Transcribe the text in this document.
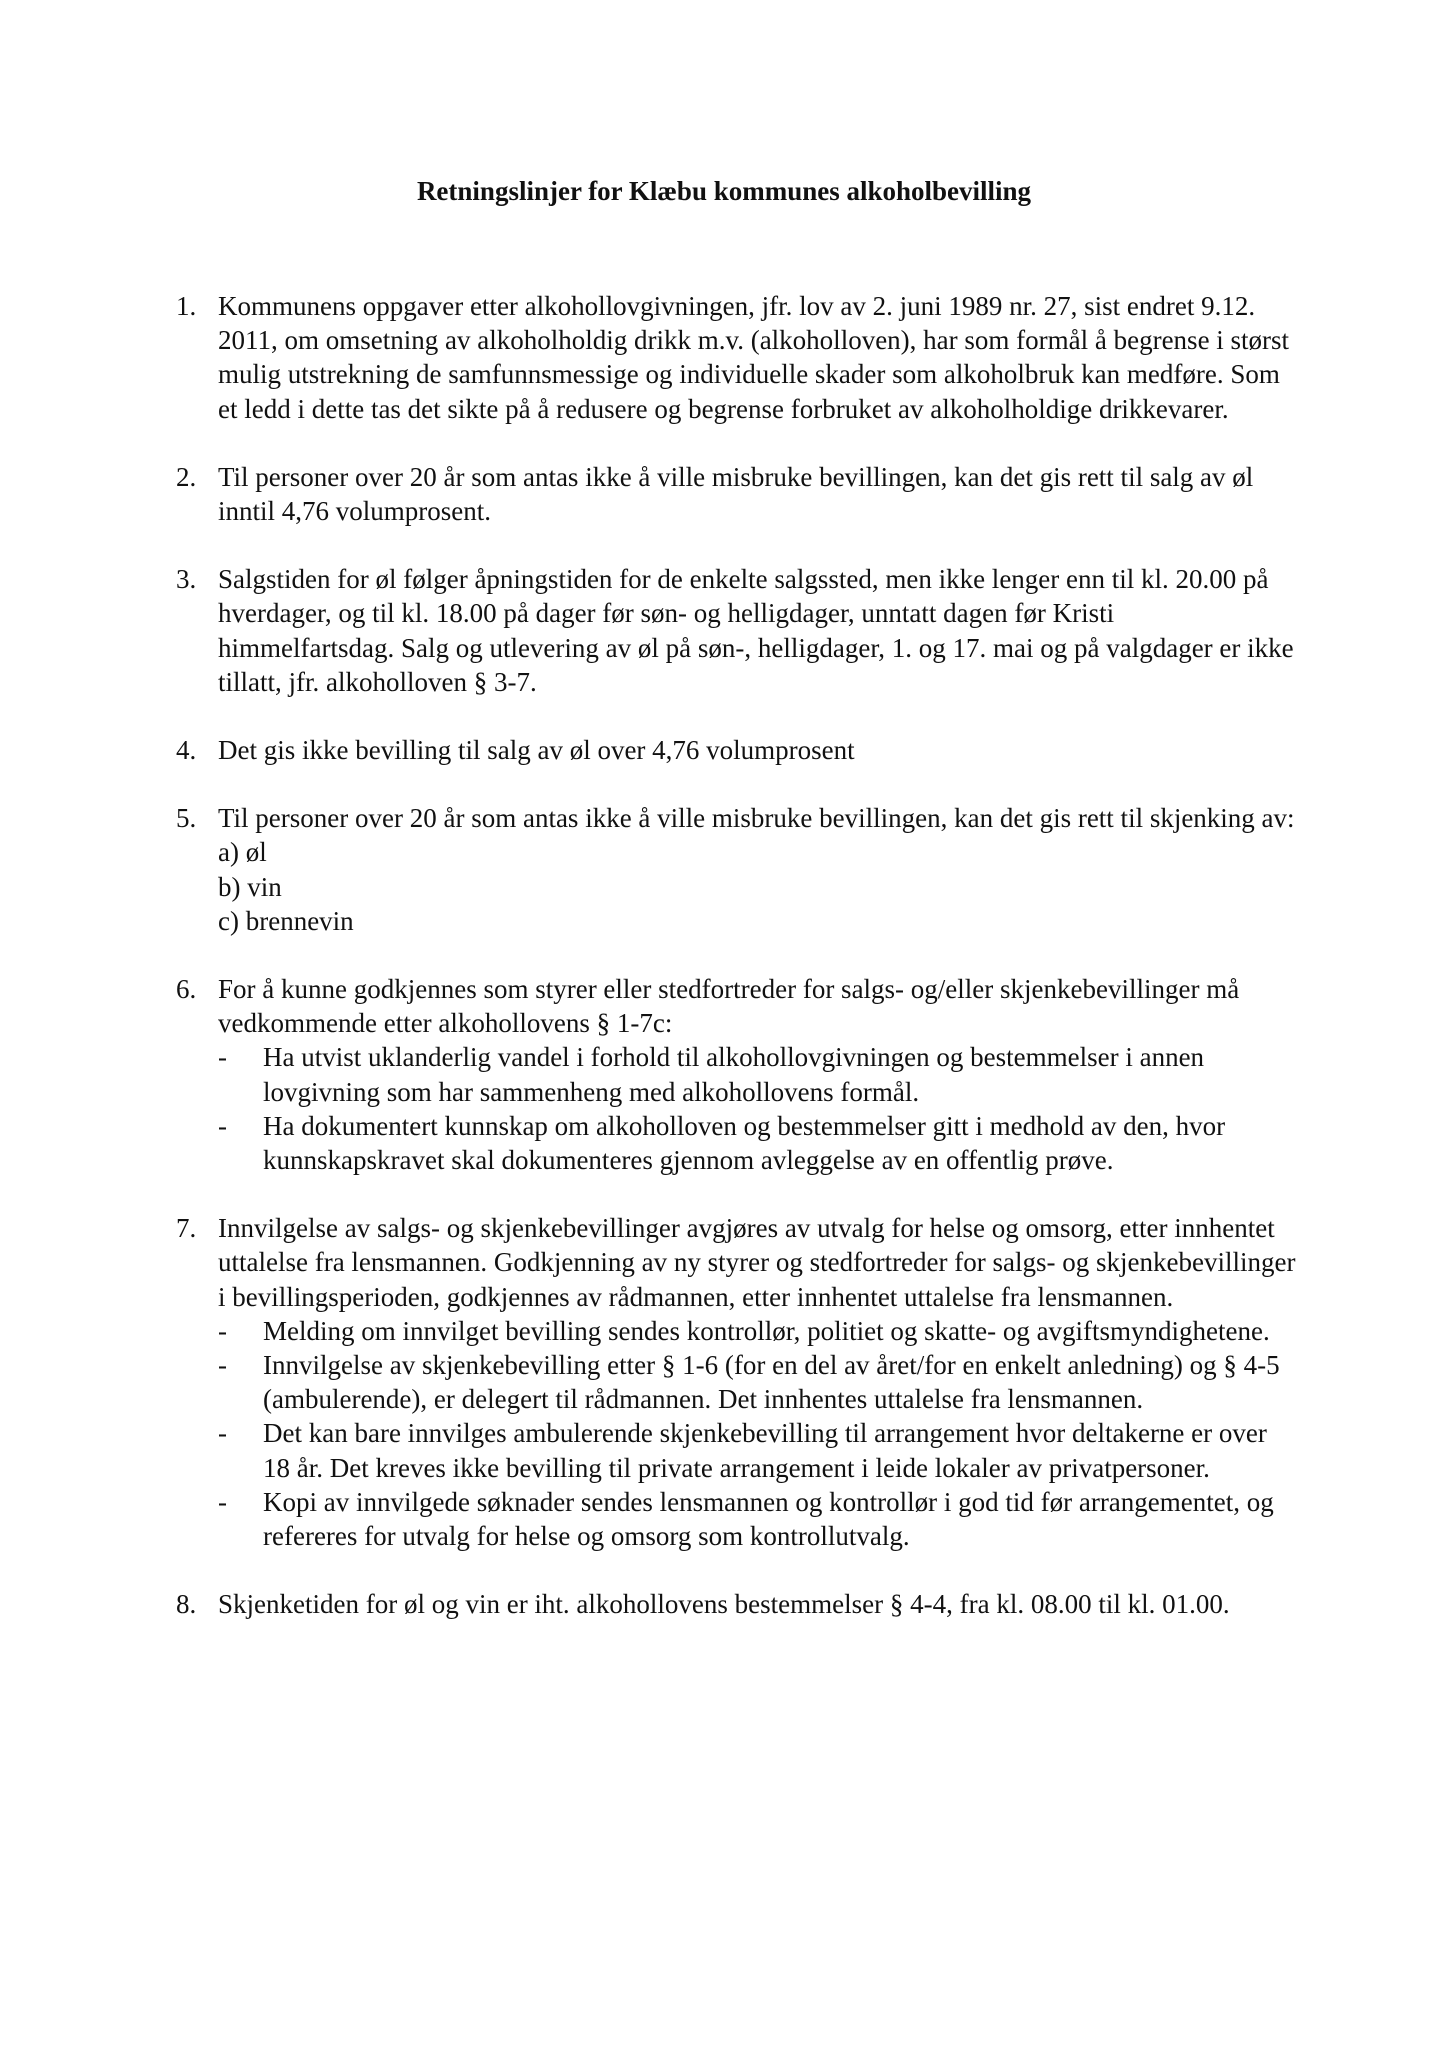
Retningslinjer for Klæbu kommunes alkoholbevilling
1. Kommunens oppgaver etter alkohollovgivningen, jfr. lov av 2. juni 1989 nr. 27, sist endret 9.12. 2011, om omsetning av alkoholholdig drikk m.v. (alkoholloven), har som formål å begrense i størst mulig utstrekning de samfunnsmessige og individuelle skader som alkoholbruk kan medføre. Som et ledd i dette tas det sikte på å redusere og begrense forbruket av alkoholholdige drikkevarer.
2. Til personer over 20 år som antas ikke å ville misbruke bevillingen, kan det gis rett til salg av øl inntil 4,76 volumprosent.
3. Salgstiden for øl følger åpningstiden for de enkelte salgssted, men ikke lenger enn til kl. 20.00 på hverdager, og til kl. 18.00 på dager før søn- og helligdager, unntatt dagen før Kristi himmelfartsdag. Salg og utlevering av øl på søn-, helligdager, 1. og 17. mai og på valgdager er ikke tillatt, jfr. alkoholloven § 3-7.
4. Det gis ikke bevilling til salg av øl over 4,76 volumprosent
5. Til personer over 20 år som antas ikke å ville misbruke bevillingen, kan det gis rett til skjenking av:
a) øl
b) vin
c) brennevin
6. For å kunne godkjennes som styrer eller stedfortreder for salgs- og/eller skjenkebevillinger må vedkommende etter alkohollovens § 1-7c:
- Ha utvist uklanderlig vandel i forhold til alkohollovgivningen og bestemmelser i annen lovgivning som har sammenheng med alkohollovens formål.
- Ha dokumentert kunnskap om alkoholloven og bestemmelser gitt i medhold av den, hvor kunnskapskravet skal dokumenteres gjennom avleggelse av en offentlig prøve.
7. Innvilgelse av salgs- og skjenkebevillinger avgjøres av utvalg for helse og omsorg, etter innhentet uttalelse fra lensmannen. Godkjenning av ny styrer og stedfortreder for salgs- og skjenkebevillinger i bevillingsperioden, godkjennes av rådmannen, etter innhentet uttalelse fra lensmannen.
- Melding om innvilget bevilling sendes kontrollør, politiet og skatte- og avgiftsmyndighetene.
- Innvilgelse av skjenkebevilling etter § 1-6 (for en del av året/for en enkelt anledning) og § 4-5 (ambulerende), er delegert til rådmannen. Det innhentes uttalelse fra lensmannen.
- Det kan bare innvilges ambulerende skjenkebevilling til arrangement hvor deltakerne er over 18 år. Det kreves ikke bevilling til private arrangement i leide lokaler av privatpersoner.
- Kopi av innvilgede søknader sendes lensmannen og kontrollør i god tid før arrangementet, og refereres for utvalg for helse og omsorg som kontrollutvalg.
8. Skjenketiden for øl og vin er iht. alkohollovens bestemmelser § 4-4, fra kl. 08.00 til kl. 01.00.
